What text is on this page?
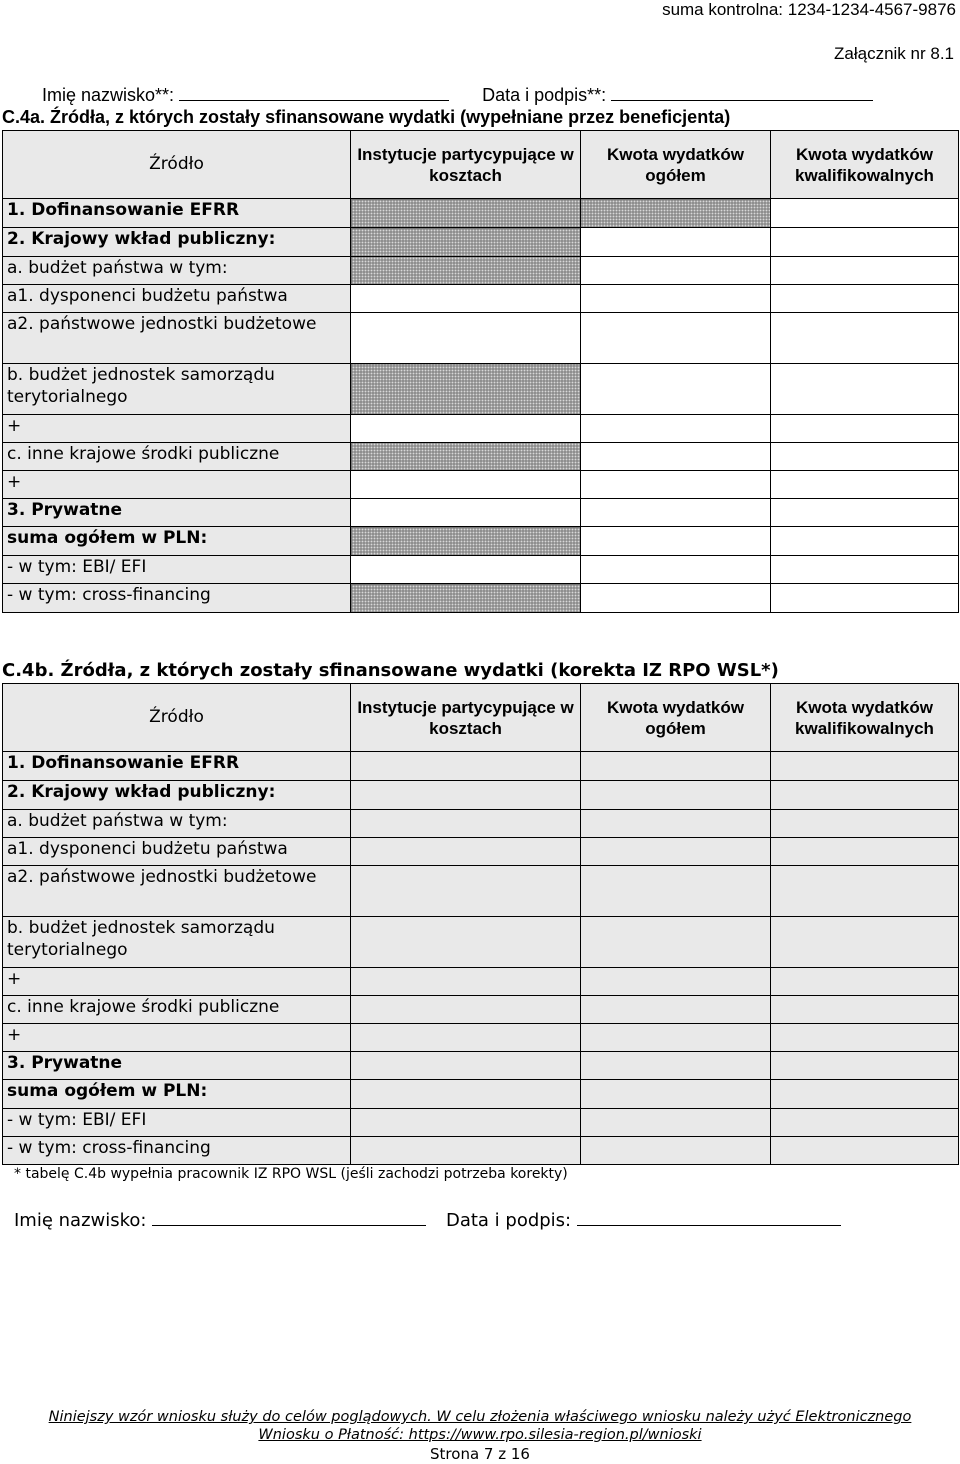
suma kontrolna: 1234-1234-4567-9876
Załącznik nr 8.1
Imię nazwisko**:	Data i podpis**:
C.4a. Źródła, z których zostały sfinansowane wydatki (wypełniane przez beneficjenta)
Źródło	Instytucje partycypujące w kosztach	Kwota wydatków ogółem	Kwota wydatków kwalifikowalnych
1. Dofinansowanie EFRR			
2. Krajowy wkład publiczny:			
a. budżet państwa w tym:			
a1. dysponenci budżetu państwa			
a2. państwowe jednostki budżetowe			
b. budżet jednostek samorządu terytorialnego			
+			
c. inne krajowe środki publiczne			
+			
3. Prywatne			
suma ogółem w PLN:			
- w tym: EBI/ EFI			
- w tym: cross-financing			
C.4b. Źródła, z których zostały sfinansowane wydatki (korekta IZ RPO WSL*)
Źródło	Instytucje partycypujące w kosztach	Kwota wydatków ogółem	Kwota wydatków kwalifikowalnych
1. Dofinansowanie EFRR			
2. Krajowy wkład publiczny:			
a. budżet państwa w tym:			
a1. dysponenci budżetu państwa			
a2. państwowe jednostki budżetowe			
b. budżet jednostek samorządu terytorialnego			
+			
c. inne krajowe środki publiczne			
+			
3. Prywatne			
suma ogółem w PLN:			
- w tym: EBI/ EFI			
- w tym: cross-financing			
* tabelę C.4b wypełnia pracownik IZ RPO WSL (jeśli zachodzi potrzeba korekty)
Imię nazwisko:	Data i podpis:
Niniejszy wzór wniosku służy do celów poglądowych. W celu złożenia właściwego wniosku należy użyć Elektronicznego
Wniosku o Płatność: https://www.rpo.silesia-region.pl/wnioski
Strona 7 z 16
